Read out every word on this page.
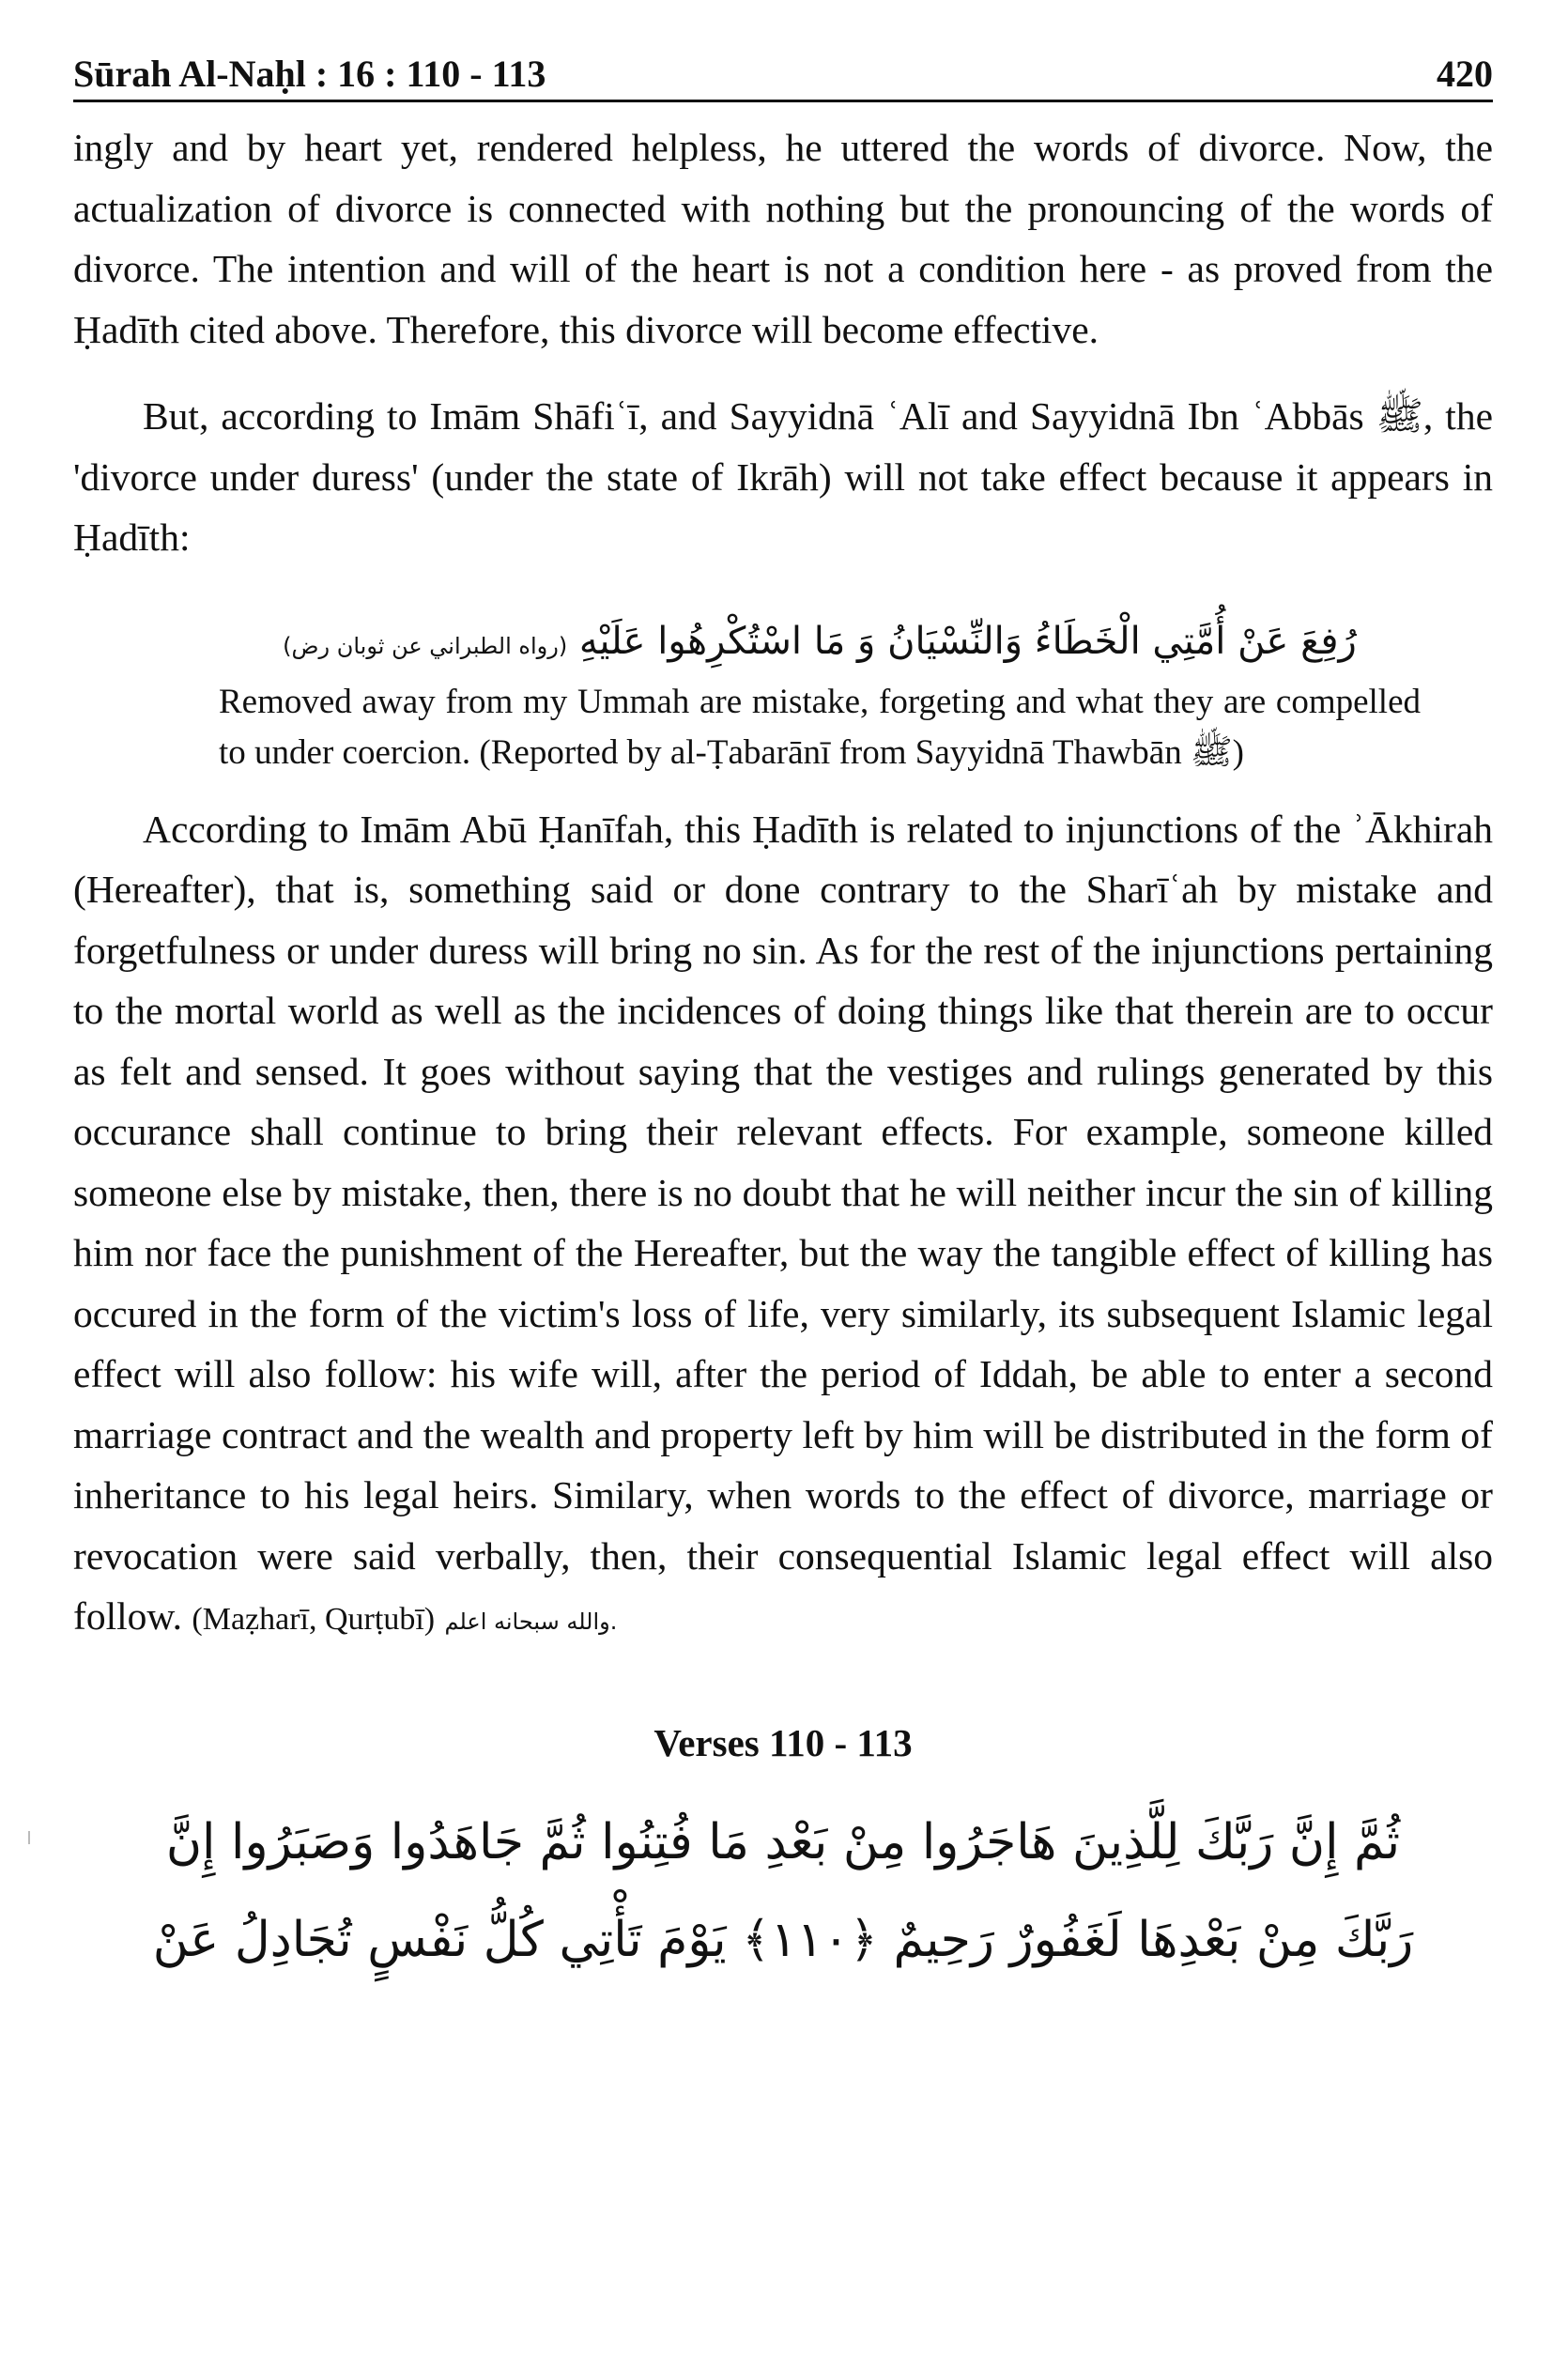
Sūrah Al-Naḥl : 16 : 110 - 113	420

ingly and by heart yet, rendered helpless, he uttered the words of divorce. Now, the actualization of divorce is connected with nothing but the pronouncing of the words of divorce. The intention and will of the heart is not a condition here - as proved from the Ḥadīth cited above. Therefore, this divorce will become effective.

But, according to Imām Shāfiʿī, and Sayyidnā ʿAlī and Sayyidnā Ibn ʿAbbās ﷺ, the 'divorce under duress' (under the state of Ikrāh) will not take effect because it appears in Ḥadīth:

رُفِعَ عَنْ أُمَّتِي الْخَطَاءُ وَالنِّسْيَانُ وَ مَا اسْتُكْرِهُوا عَلَيْهِ (رواه الطبراني عن ثوبان رض)

Removed away from my Ummah are mistake, forgeting and what they are compelled to under coercion. (Reported by al-Ṭabarānī from Sayyidnā Thawbān ﷺ)

According to Imām Abū Ḥanīfah, this Ḥadīth is related to injunctions of the ʾĀkhirah (Hereafter), that is, something said or done contrary to the Sharīʿah by mistake and forgetfulness or under duress will bring no sin. As for the rest of the injunctions pertaining to the mortal world as well as the incidences of doing things like that therein are to occur as felt and sensed. It goes without saying that the vestiges and rulings generated by this occurance shall continue to bring their relevant effects. For example, someone killed someone else by mistake, then, there is no doubt that he will neither incur the sin of killing him nor face the punishment of the Hereafter, but the way the tangible effect of killing has occured in the form of the victim's loss of life, very similarly, its subsequent Islamic legal effect will also follow: his wife will, after the period of Iddah, be able to enter a second marriage contract and the wealth and property left by him will be distributed in the form of inheritance to his legal heirs. Similary, when words to the effect of divorce, marriage or revocation were said verbally, then, their consequential Islamic legal effect will also follow. (Maẓharī, Qurṭubī) والله سبحانه اعلم.

Verses 110 - 113
ثُمَّ إِنَّ رَبَّكَ لِلَّذِينَ هَاجَرُوا مِنْ بَعْدِ مَا فُتِنُوا ثُمَّ جَاهَدُوا وَصَبَرُوا إِنَّ
رَبَّكَ مِنْ بَعْدِهَا لَغَفُورٌ رَحِيمٌ ﴿١١٠﴾ يَوْمَ تَأْتِي كُلُّ نَفْسٍ تُجَادِلُ عَنْ
